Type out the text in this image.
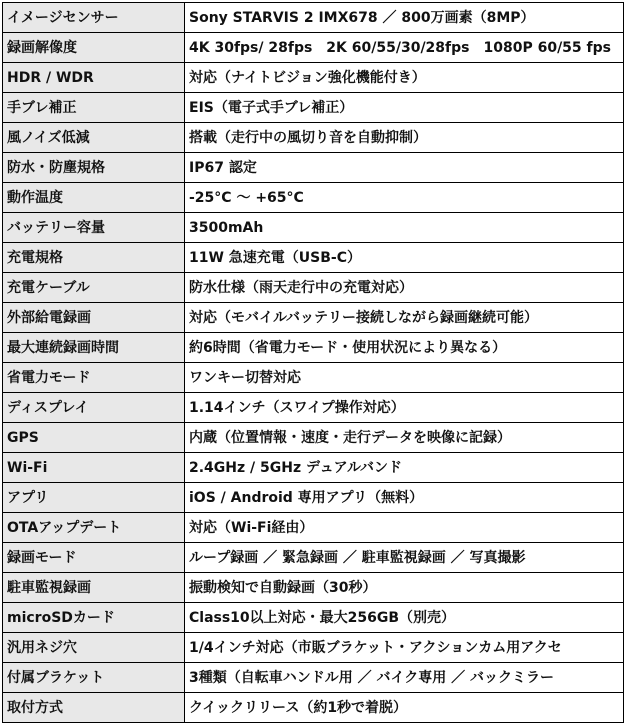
イメージセンサー	Sony STARVIS 2 IMX678 ／ 800万画素（8MP）
録画解像度	4K 30fps/ 28fps　2K 60/55/30/28fps　1080P 60/55 fps
HDR / WDR	対応（ナイトビジョン強化機能付き）
手ブレ補正	EIS（電子式手ブレ補正）
風ノイズ低減	搭載（走行中の風切り音を自動抑制）
防水・防塵規格	IP67 認定
動作温度	-25°C 〜 +65°C
バッテリー容量	3500mAh
充電規格	11W 急速充電（USB-C）
充電ケーブル	防水仕様（雨天走行中の充電対応）
外部給電録画	対応（モバイルバッテリー接続しながら録画継続可能）
最大連続録画時間	約6時間（省電力モード・使用状況により異なる）
省電力モード	ワンキー切替対応
ディスプレイ	1.14インチ（スワイプ操作対応）
GPS	内蔵（位置情報・速度・走行データを映像に記録）
Wi-Fi	2.4GHz / 5GHz デュアルバンド
アプリ	iOS / Android 専用アプリ（無料）
OTAアップデート	対応（Wi-Fi経由）
録画モード	ループ録画 ／ 緊急録画 ／ 駐車監視録画 ／ 写真撮影
駐車監視録画	振動検知で自動録画（30秒）
microSDカード	Class10以上対応・最大256GB（別売）
汎用ネジ穴	1/4インチ対応（市販ブラケット・アクションカム用アクセ
付属ブラケット	3種類（自転車ハンドル用 ／ バイク専用 ／ バックミラー
取付方式	クイックリリース（約1秒で着脱）
